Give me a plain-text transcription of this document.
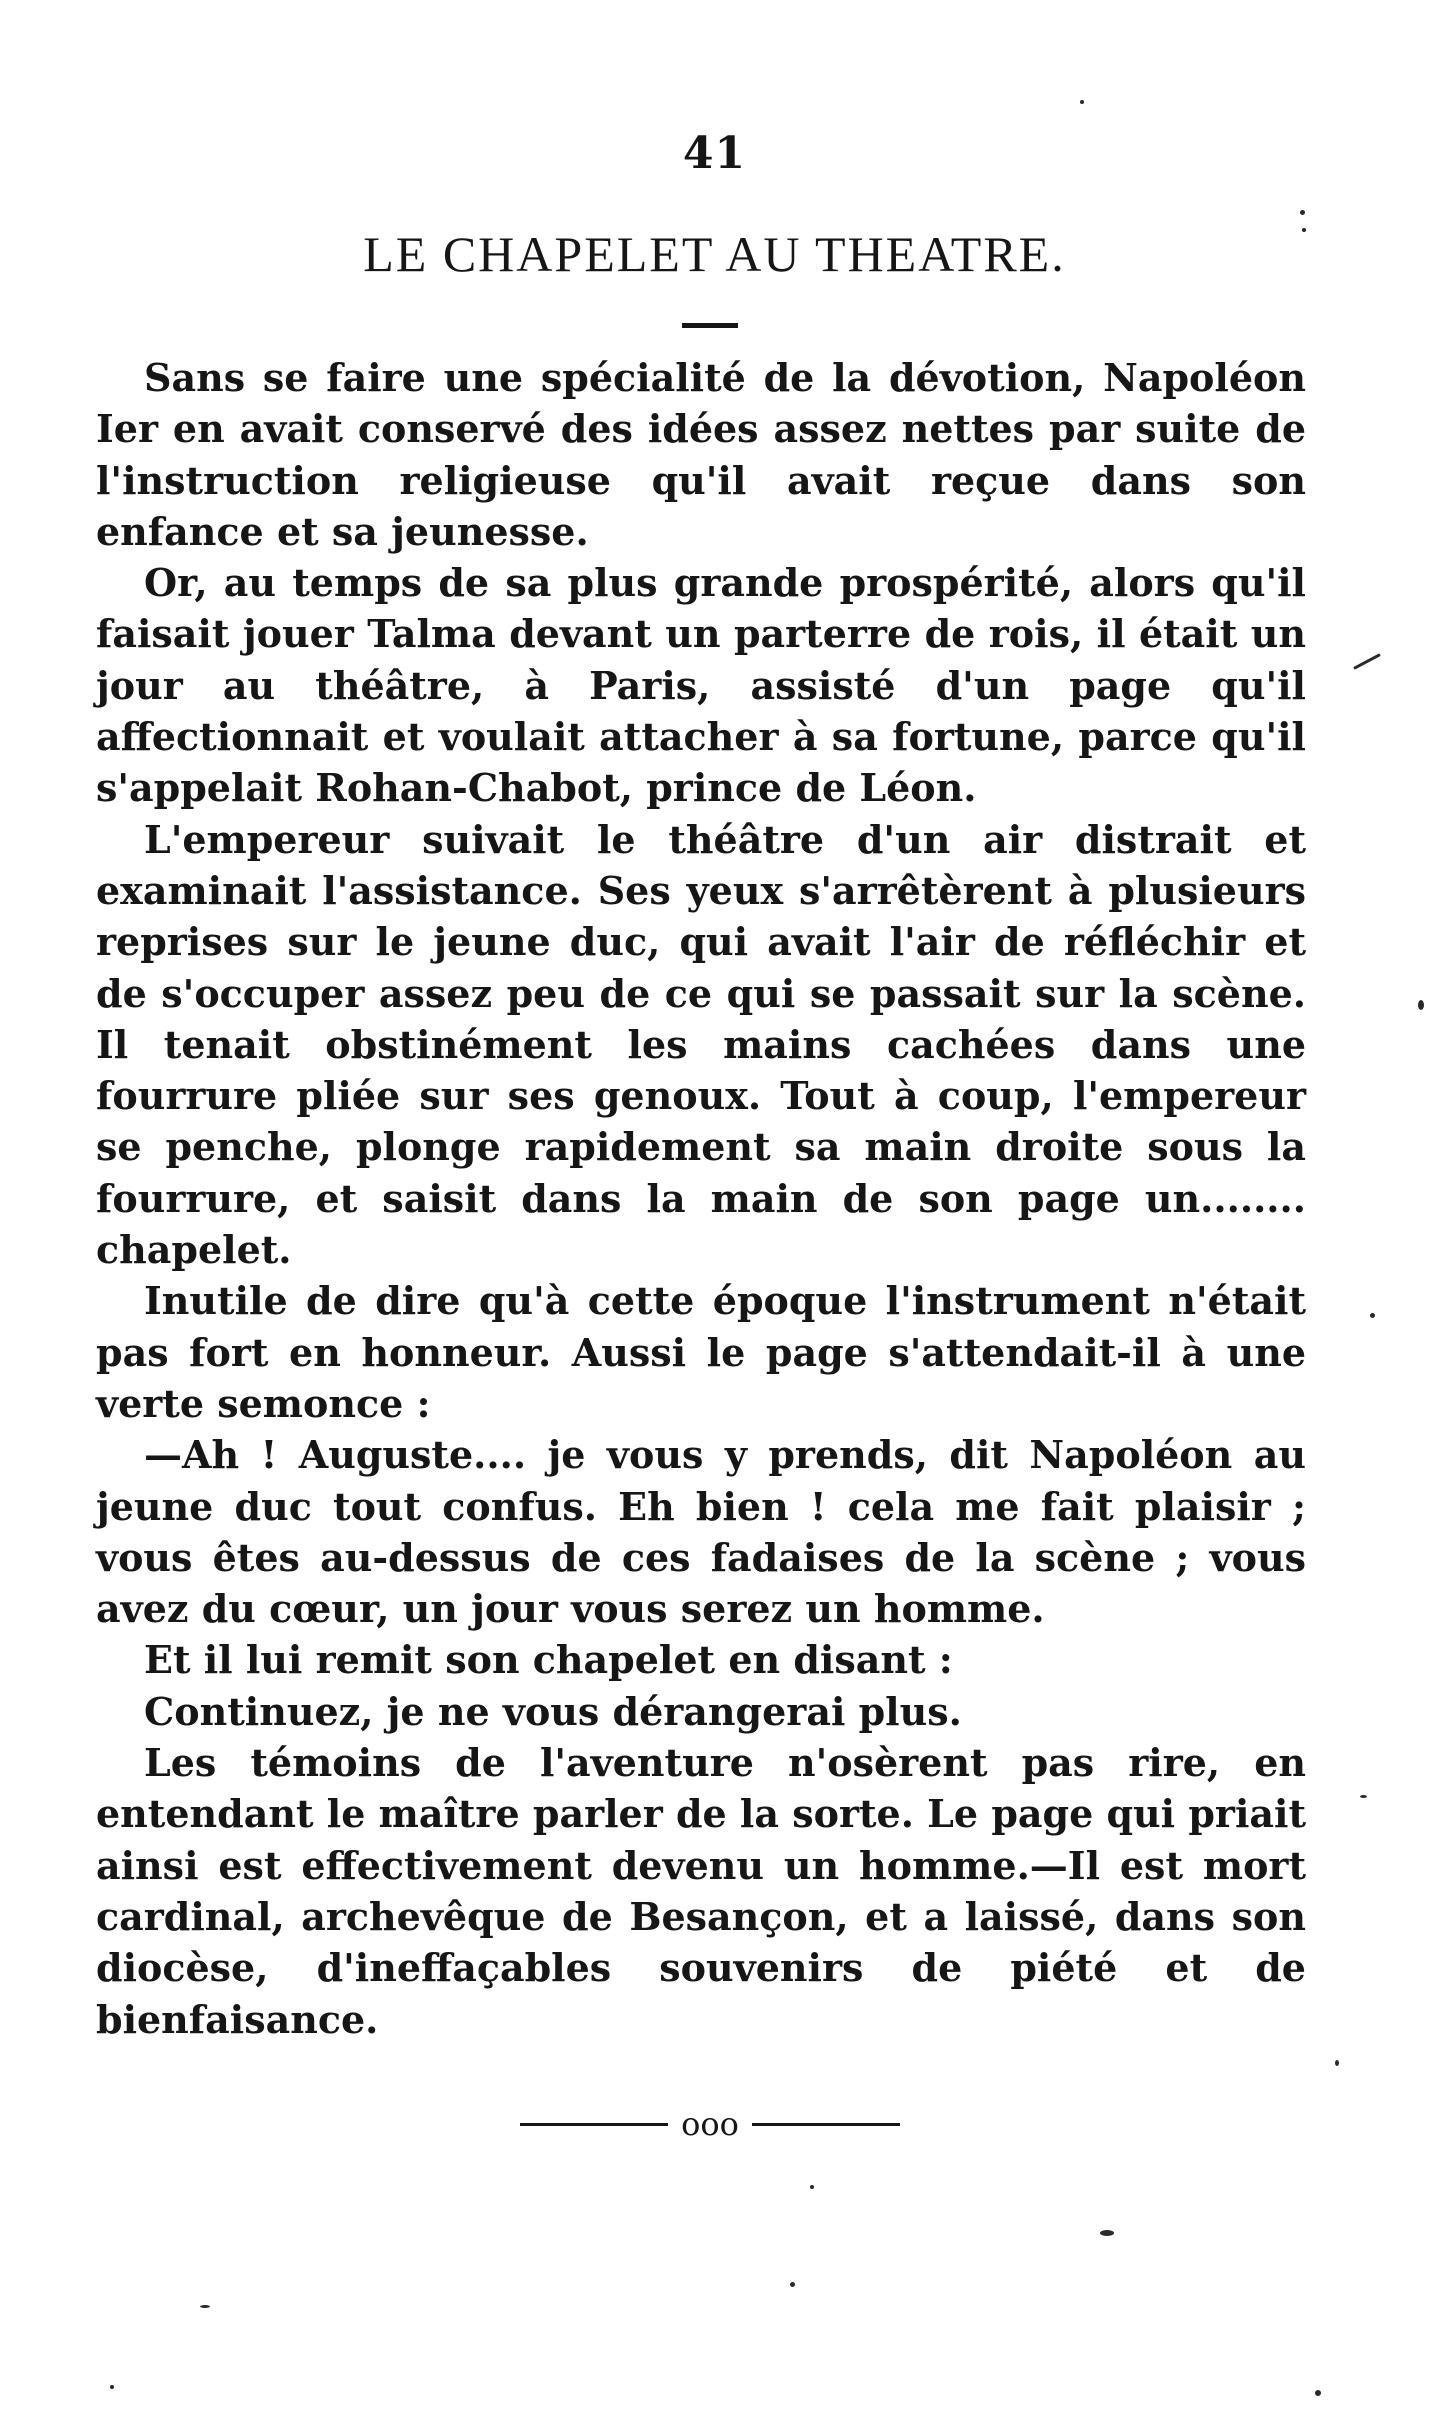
41
LE CHAPELET AU THEATRE.

Sans se faire une spécialité de la dévotion, Napoléon Ier en avait conservé des idées assez nettes par suite de l'instruction religieuse qu'il avait reçue dans son enfance et sa jeunesse.

Or, au temps de sa plus grande prospérité, alors qu'il faisait jouer Talma devant un parterre de rois, il était un jour au théâtre, à Paris, assisté d'un page qu'il affectionnait et voulait attacher à sa fortune, parce qu'il s'appelait Rohan-Chabot, prince de Léon.

L'empereur suivait le théâtre d'un air distrait et examinait l'assistance. Ses yeux s'arrêtèrent à plusieurs reprises sur le jeune duc, qui avait l'air de réfléchir et de s'occuper assez peu de ce qui se passait sur la scène. Il tenait obstinément les mains cachées dans une fourrure pliée sur ses genoux. Tout à coup, l'empereur se penche, plonge rapidement sa main droite sous la fourrure, et saisit dans la main de son page un........ chapelet.

Inutile de dire qu'à cette époque l'instrument n'était pas fort en honneur. Aussi le page s'attendait-il à une verte semonce :

—Ah ! Auguste.... je vous y prends, dit Napoléon au jeune duc tout confus. Eh bien ! cela me fait plaisir ; vous êtes au-dessus de ces fadaises de la scène ; vous avez du cœur, un jour vous serez un homme.

Et il lui remit son chapelet en disant :

Continuez, je ne vous dérangerai plus.

Les témoins de l'aventure n'osèrent pas rire, en entendant le maître parler de la sorte. Le page qui priait ainsi est effectivement devenu un homme.—Il est mort cardinal, archevêque de Besançon, et a laissé, dans son diocèse, d'ineffaçables souvenirs de piété et de bienfaisance.

ooo
